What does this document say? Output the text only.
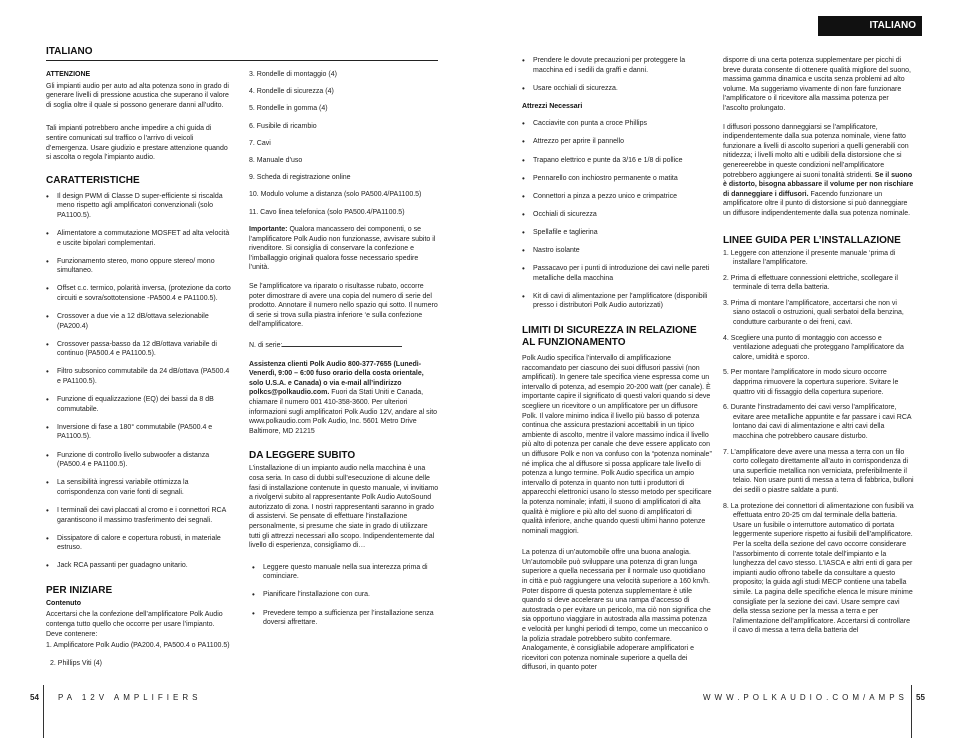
ITALIANO
ITALIANO
ATTENZIONE

Gli impianti audio per auto ad alta potenza sono in grado di generare livelli di pressione acustica che superano il valore di soglia oltre il quale si possono generare danni all’udito.

Tali impianti potrebbero anche impedire a chi guida di sentire comunicati sul traffico o l’arrivo di veicoli d’emergenza. Usare giudizio e prestare attenzione quando si ascolta o regola l’impianto audio.

CARATTERISTICHE
• Il design PWM di Classe D super-efficiente si riscalda meno rispetto agli amplificatori convenzionali (solo PA1100.5).
• Alimentatore a commutazione MOSFET ad alta velocità e uscite bipolari complementari.
• Funzionamento stereo, mono oppure stereo/ mono simultaneo.
• Offset c.c. termico, polarità inversa, (protezione da corto circuiti e sovra/sottotensione -PA500.4 e PA1100.5).
• Crossover a due vie a 12 dB/ottava selezionabile (PA200.4)
• Crossover passa-basso da 12 dB/ottava variabile di continuo (PA500.4 e PA1100.5).
• Filtro subsonico commutabile da 24 dB/ottava (PA500.4 e PA1100.5).
• Funzione di equalizzazione (EQ) dei bassi da 8 dB commutabile.
• Inversione di fase a 180° commutabile (PA500.4 e PA1100.5).
• Funzione di controllo livello subwoofer a distanza (PA500.4 e PA1100.5).
• La sensibilità ingressi variabile ottimizza la corrispondenza con varie fonti di segnali.
• I terminali dei cavi placcati al cromo e i connettori RCA garantiscono il massimo trasferimento dei segnali.
• Dissipatore di calore e copertura robusti, in materiale estruso.
• Jack RCA passanti per guadagno unitario.
PER INIZIARE
Contenuto

Accertarsi che la confezione dell’amplificatore Polk Audio contenga tutto quello che occorre per usare l’impianto. Deve contenere:

1. Amplificatore Polk Audio (PA200.4, PA500.4 o PA1100.5)
2. Phillips Viti (4)
3. Rondelle di montaggio (4)
4. Rondelle di sicurezza (4)
5. Rondelle in gomma (4)
6. Fusibile di ricambio
7. Cavi
8. Manuale d’uso
9. Scheda di registrazione online
10. Modulo volume a distanza (solo PA500.4/PA1100.5)
11. Cavo linea telefonica (solo PA500.4/PA1100.5)

Importante: Qualora mancassero dei componenti, o se l’amplificatore Polk Audio non funzionasse, avvisare subito il rivenditore. Si consiglia di conservare la confezione e l’imballaggio originali qualora fosse necessario spedire l’unità.

Se l’amplificatore va riparato o risultasse rubato, occorre poter dimostrare di avere una copia del numero di serie del prodotto. Annotare il numero nello spazio qui sotto. Il numero di serie si trova sulla piastra inferiore ‘e sulla confezione dell’amplificatore.

N. di serie:

Assistenza clienti Polk Audio 800-377-7655 (Lunedì-Venerdì, 9:00 – 6:00 fuso orario della costa orientale, solo U.S.A. e Canada) o via e-mail all’indirizzo polkcs@polkaudio.com. Fuori da Stati Uniti e Canada, chiamare il numero 001 410-358-3600. Per ulteriori informazioni sugli amplificatori Polk Audio 12V, andare al sito www.polkaudio.com Polk Audio, Inc. 5601 Metro Drive Baltimore, MD 21215

DA LEGGERE SUBITO

L’installazione di un impianto audio nella macchina è una cosa seria. In caso di dubbi sull’esecuzione di alcune delle fasi di installazione contenute in questo manuale, vi invitiamo a rivolgervi subito al rappresentante Polk Audio AutoSound autorizzato di zona. I nostri rappresentanti saranno in grado di assistervi. Se pensate di effettuare l’installazione personalmente, si presume che siate in grado di utilizzare tutti gli attrezzi necessari allo scopo. Indipendentemente dal livello di esperienza, consigliamo di…

• Leggere questo manuale nella sua interezza prima di cominciare.
• Pianificare l’installazione con cura.
• Prevedere tempo a sufficienza per l’installazione senza doversi affrettare.
• Prendere le dovute precauzioni per proteggere la macchina ed i sedili da graffi e danni.
• Usare occhiali di sicurezza.
Attrezzi Necessari
• Cacciavite con punta a croce Phillips
• Attrezzo per aprire il pannello
• Trapano elettrico e punte da 3/16 e 1/8 di pollice
• Pennarello con inchiostro permanente o matita
• Connettori a pinza a pezzo unico e crimpatrice
• Occhiali di sicurezza
• Spellafile e taglierina
• Nastro isolante
• Passacavo per i punti di introduzione dei cavi nelle pareti metalliche della macchina
• Kit di cavi di alimentazione per l’amplificatore (disponibili presso i distributori Polk Audio autorizzati)
LIMITI DI SICUREZZA IN RELAZIONE AL FUNZIONAMENTO

Polk Audio specifica l’intervallo di amplificazione raccomandato per ciascuno dei suoi diffusori passivi (non amplificati). In genere tale specifica viene espressa come un intervallo di potenza, ad esempio 20-200 watt (per canale). È importante capire il significato di questi valori quando si deve scegliere un ricevitore o un amplificatore per un diffusore Polk. Il valore minimo indica il livello più basso di potenza continua che assicura prestazioni accettabili in un tipico ambiente di ascolto, mentre il valore massimo indica il livello più alto di potenza per canale che deve essere applicato con un diffusore Polk e non va confuso con la “potenza nominale” né implica che al diffusore si possa applicare tale livello di potenza a lungo termine. Polk Audio specifica un ampio intervallo di potenza in quanto non tutti i produttori di apparecchi elettronici usano lo stesso metodo per specificare la potenza nominale; infatti, il suono di amplificatori di alta qualità è migliore e più alto del suono di amplificatori di qualità inferiore, anche quando questi ultimi hanno potenze nominali maggiori.

La potenza di un’automobile offre una buona analogia. Un’automobile può sviluppare una potenza di gran lunga superiore a quella necessaria per il normale uso quotidiano in città e può raggiungere una velocità superiore a 160 km/h. Poter disporre di questa potenza supplementare è utile quando si deve accelerare su una rampa d’accesso di autostrada o per evitare un pericolo, ma ciò non significa che sia opportuno viaggiare in autostrada alla massima potenza e velocità per lunghi periodi di tempo, come un meccanico o la polizia stradale potrebbero subito confermare. Analogamente, è consigliabile adoperare amplificatori e ricevitori con potenza nominale superiore a quella dei diffusori, in quanto poter

disporre di una certa potenza supplementare per picchi di breve durata consente di ottenere qualità migliore del suono, massima gamma dinamica e uscita senza problemi ad alto volume. Ma suggeriamo vivamente di non fare funzionare l’amplificatore o il ricevitore alla massima potenza per l’ascolto prolungato.

I diffusori possono danneggiarsi se l’amplificatore, indipendentemente dalla sua potenza nominale, viene fatto funzionare a livelli di ascolto superiori a quelli generabili con nitidezza; i livelli molto alti e udibili della distorsione che si genereerebbe in queste condizioni nell’amplificatore potrebbero aggiungere ai suoni tonalità stridenti. Se il suono è distorto, bisogna abbassare il volume per non rischiare di danneggiare i diffusori. Facendo funzionare un amplificatore oltre il punto di distorsione si può danneggiare un diffusore indipendentemente dalla sua potenza nominale.

LINEE GUIDA PER L’INSTALLAZIONE
1. Leggere con attenzione il presente manuale ‘prima di installare l’amplificatore.
2. Prima di effettuare connessioni elettriche, scollegare il terminale di terra della batteria.
3. Prima di montare l’amplificatore, accertarsi che non vi siano ostacoli o ostruzioni, quali serbatoi della benzina, condutture carburante o dei freni, cavi.
4. Scegliere una punto di montaggio con accesso e ventilazione adeguati che proteggano l’amplificatore da calore, umidità e sporco.
5. Per montare l’amplificatore in modo sicuro occorre dapprima rimuovere la copertura superiore. Svitare le quattro viti di fissaggio della copertura superiore.
6. Durante l’instradamento dei cavi verso l’amplificatore, evitare aree metalliche appuntite e far passare i cavi RCA lontano dai cavi di alimentazione e altri cavi della macchina che potrebbero causare disturbo.
7. L’amplificatore deve avere una messa a terra con un filo corto collegato direttamente all’auto in corrispondenza di una superficie metallica non verniciata, preferibilmente il telaio. Non usare punti di messa a terra di fabbrica, bulloni dei sedili o piastre saldate a punti.
8. La protezione dei connettori di alimentazione con fusibili va effettuata entro 20-25 cm dal terminale della batteria. Usare un fusibile o interruttore automatico di portata leggermente superiore rispetto ai fusibili dell’amplificatore. Per la scelta della sezione del cavo occorre considerare l’assorbimento di corrente totale dell’impianto e la lunghezza del cavo stesso. L’IASCA e altri enti di gara per impianti audio offrono tabelle da consultare a questo proposito; la guida agli studi MECP contiene una tabella simile. La pagina delle specifiche elenca le misure minime consigliate per la sezione dei cavi. Usare sempre cavi della stessa sezione per la messa a terra e per l’alimentazione dell’amplificatore. Accertarsi di controllare il cavo di messa a terra della batteria del
54 PA 12V AMPLIFIERS	WWW.POLKAUDIO.COM/AMPS 55
